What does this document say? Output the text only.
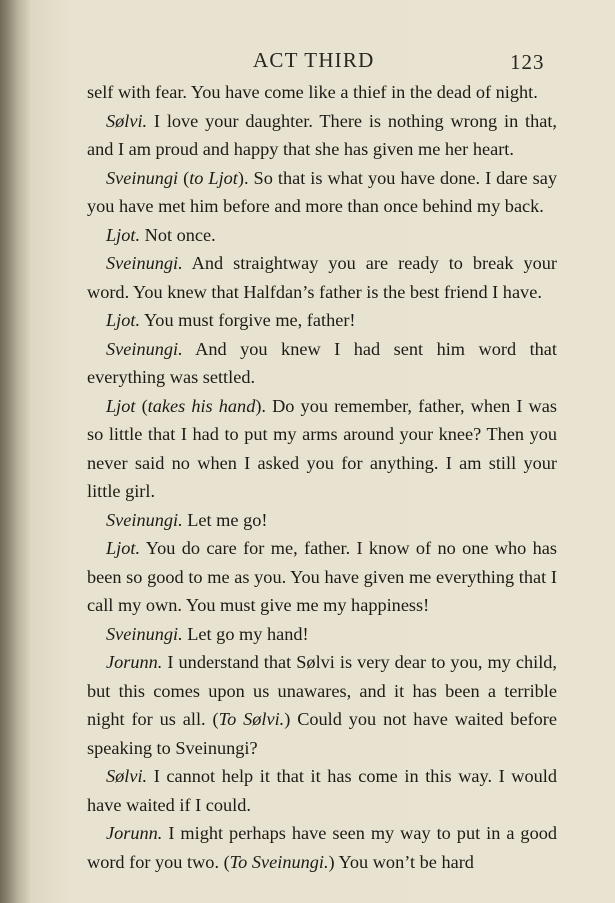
ACT THIRD	123

self with fear. You have come like a thief in the dead of night.

Sølvi. I love your daughter. There is nothing wrong in that, and I am proud and happy that she has given me her heart.

Sveinungi (to Ljot). So that is what you have done. I dare say you have met him before and more than once behind my back.

Ljot. Not once.

Sveinungi. And straightway you are ready to break your word. You knew that Halfdan’s father is the best friend I have.

Ljot. You must forgive me, father!

Sveinungi. And you knew I had sent him word that everything was settled.

Ljot (takes his hand). Do you remember, father, when I was so little that I had to put my arms around your knee? Then you never said no when I asked you for anything. I am still your little girl.

Sveinungi. Let me go!

Ljot. You do care for me, father. I know of no one who has been so good to me as you. You have given me everything that I call my own. You must give me my happiness!

Sveinungi. Let go my hand!

Jorunn. I understand that Sølvi is very dear to you, my child, but this comes upon us unawares, and it has been a terrible night for us all. (To Sølvi.) Could you not have waited before speaking to Sveinungi?

Sølvi. I cannot help it that it has come in this way. I would have waited if I could.

Jorunn. I might perhaps have seen my way to put in a good word for you two. (To Sveinungi.) You won’t be hard
